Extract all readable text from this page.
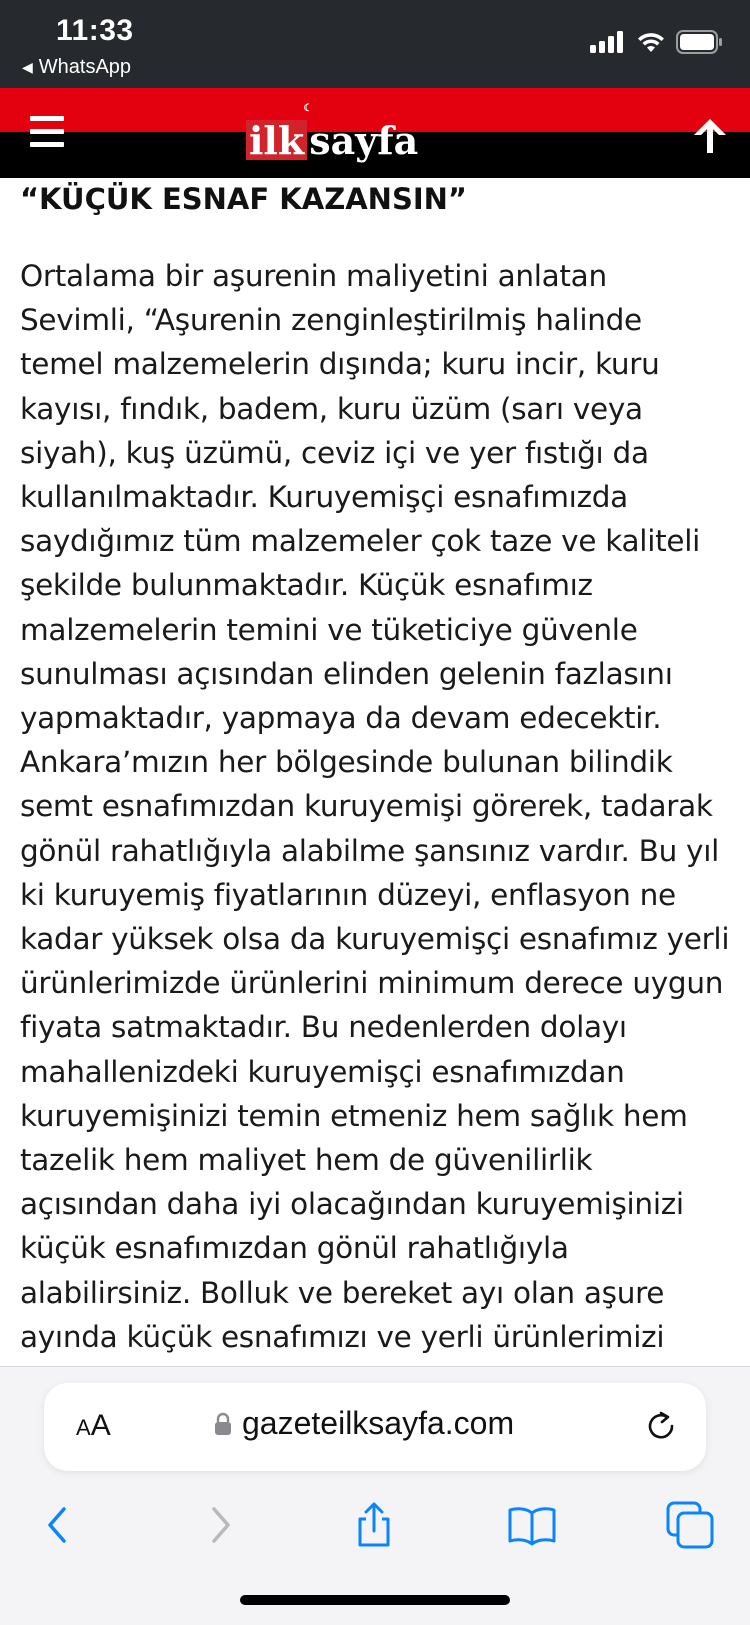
11:33
◀ WhatsApp
☾
ilk sayfa
“KÜÇÜK ESNAF KAZANSIN”

Ortalama bir aşurenin maliyetini anlatan Sevimli, “Aşurenin zenginleştirilmiş halinde temel malzemelerin dışında; kuru incir, kuru kayısı, fındık, badem, kuru üzüm (sarı veya siyah), kuş üzümü, ceviz içi ve yer fıstığı da kullanılmaktadır. Kuruyemişçi esnafımızda saydığımız tüm malzemeler çok taze ve kaliteli şekilde bulunmaktadır. Küçük esnafımız malzemelerin temini ve tüketiciye güvenle sunulması açısından elinden gelenin fazlasını yapmaktadır, yapmaya da devam edecektir. Ankara’mızın her bölgesinde bulunan bilindik semt esnafımızdan kuruyemişi görerek, tadarak gönül rahatlığıyla alabilme şansınız vardır. Bu yıl ki kuruyemiş fiyatlarının düzeyi, enflasyon ne kadar yüksek olsa da kuruyemişçi esnafımız yerli ürünlerimizde ürünlerini minimum derece uygun fiyata satmaktadır. Bu nedenlerden dolayı mahallenizdeki kuruyemişçi esnafımızdan kuruyemişinizi temin etmeniz hem sağlık hem tazelik hem maliyet hem de güvenilirlik açısından daha iyi olacağından kuruyemişinizi küçük esnafımızdan gönül rahatlığıyla alabilirsiniz. Bolluk ve bereket ayı olan aşure ayında küçük esnafımızı ve yerli ürünlerimizi

AA	gazeteilksayfa.com
